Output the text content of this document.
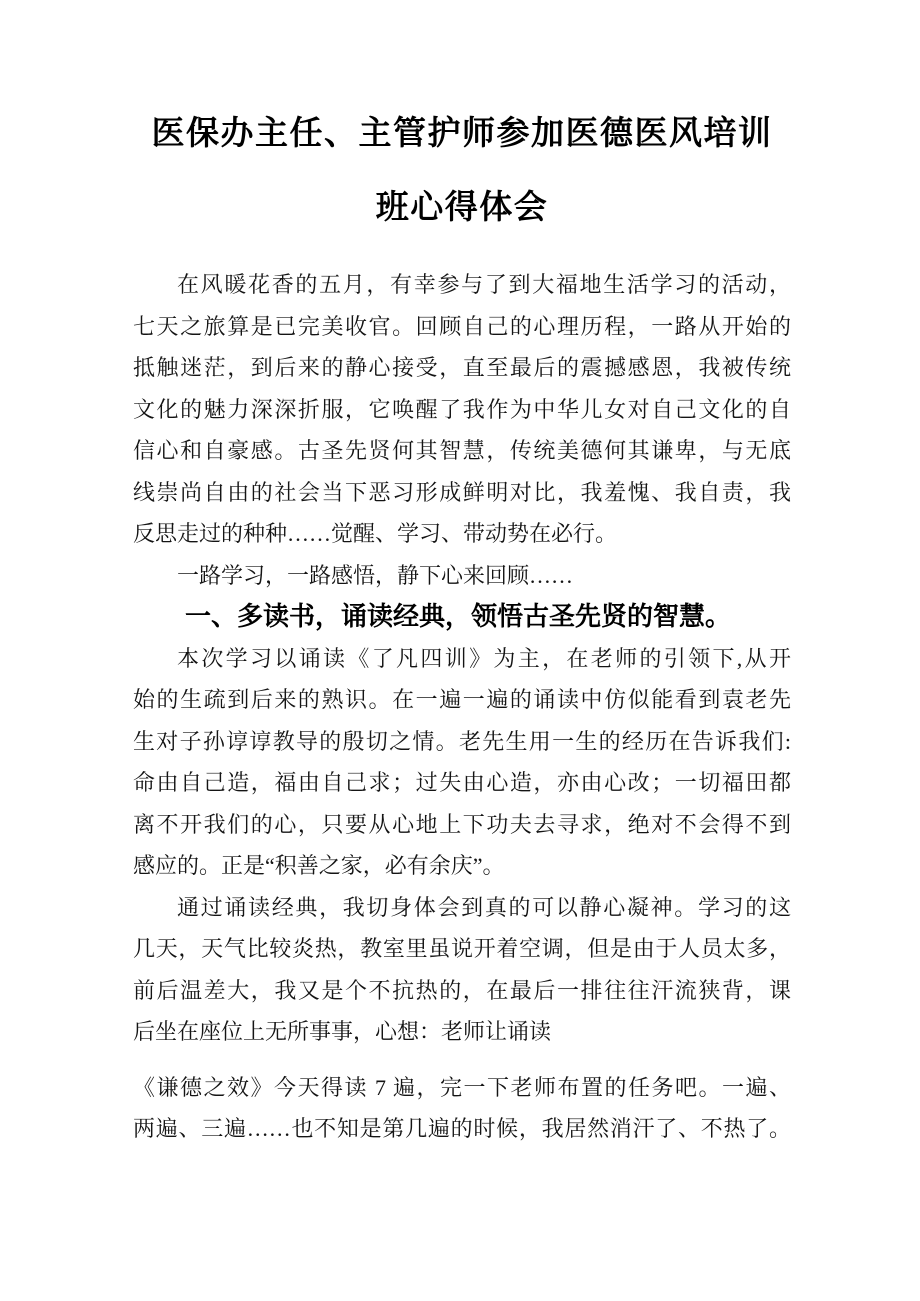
医保办主任、主管护师参加医德医风培训
班心得体会
在风暖花香的五月，有幸参与了到大福地生活学习的活动，
七天之旅算是已完美收官。回顾自己的心理历程，一路从开始的
抵触迷茫，到后来的静心接受，直至最后的震撼感恩，我被传统
文化的魅力深深折服，它唤醒了我作为中华儿女对自己文化的自
信心和自豪感。古圣先贤何其智慧，传统美德何其谦卑，与无底
线崇尚自由的社会当下恶习形成鲜明对比，我羞愧、我自责，我
反思走过的种种……觉醒、学习、带动势在必行。
一路学习，一路感悟，静下心来回顾……
一、多读书，诵读经典，领悟古圣先贤的智慧。
本次学习以诵读《了凡四训》为主，在老师的引领下,从开
始的生疏到后来的熟识。在一遍一遍的诵读中仿似能看到袁老先
生对子孙谆谆教导的殷切之情。老先生用一生的经历在告诉我们:
命由自己造，福由自己求；过失由心造，亦由心改；一切福田都
离不开我们的心，只要从心地上下功夫去寻求，绝对不会得不到
感应的。正是“积善之家，必有余庆”。
通过诵读经典，我切身体会到真的可以静心凝神。学习的这
几天，天气比较炎热，教室里虽说开着空调，但是由于人员太多，
前后温差大，我又是个不抗热的，在最后一排往往汗流狭背，课
后坐在座位上无所事事，心想：老师让诵读
《谦德之效》今天得读 7 遍，完一下老师布置的任务吧。一遍、
两遍、三遍……也不知是第几遍的时候，我居然消汗了、不热了。
